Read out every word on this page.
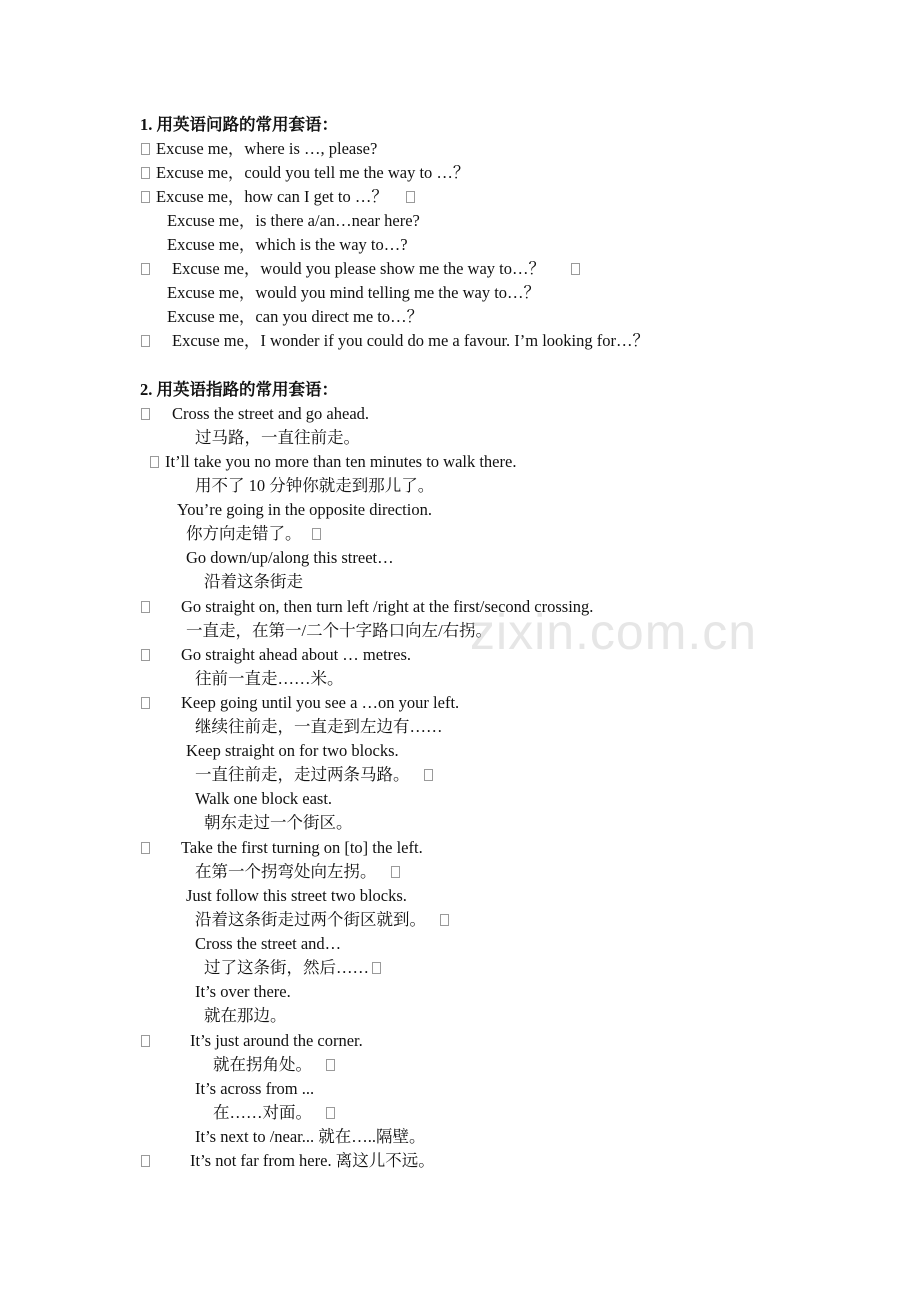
1. 用英语问路的常用套语：
Excuse me，where is …, please?
Excuse me，could you tell me the way to …？
Excuse me，how can I get to …？
Excuse me，is there a/an…near here?
Excuse me，which is the way to…?
Excuse me，would you please show me the way to…？
Excuse me，would you mind telling me the way to…？
Excuse me，can you direct me to…？
Excuse me，I wonder if you could do me a favour. I’m looking for…？
2. 用英语指路的常用套语：
Cross the street and go ahead.
过马路，一直往前走。
It’ll take you no more than ten minutes to walk there.
用不了 10 分钟你就走到那儿了。
You’re going in the opposite direction.
你方向走错了。
Go down/up/along this street…
沿着这条街走
Go straight on, then turn left /right at the first/second crossing.
一直走，在第一/二个十字路口向左/右拐。
Go straight ahead about … metres.
往前一直走……米。
Keep going until you see a …on your left.
继续往前走，一直走到左边有……
Keep straight on for two blocks.
一直往前走，走过两条马路。
Walk one block east.
朝东走过一个街区。
Take the first turning on [to] the left.
在第一个拐弯处向左拐。
Just follow this street two blocks.
沿着这条街走过两个街区就到。
Cross the street and…
过了这条街，然后……
It’s over there.
就在那边。
It’s just around the corner.
就在拐角处。
It’s across from ...
在……对面。
It’s next to /near... 就在…..隔壁。
It’s not far from here. 离这儿不远。
zixin.com.cn
